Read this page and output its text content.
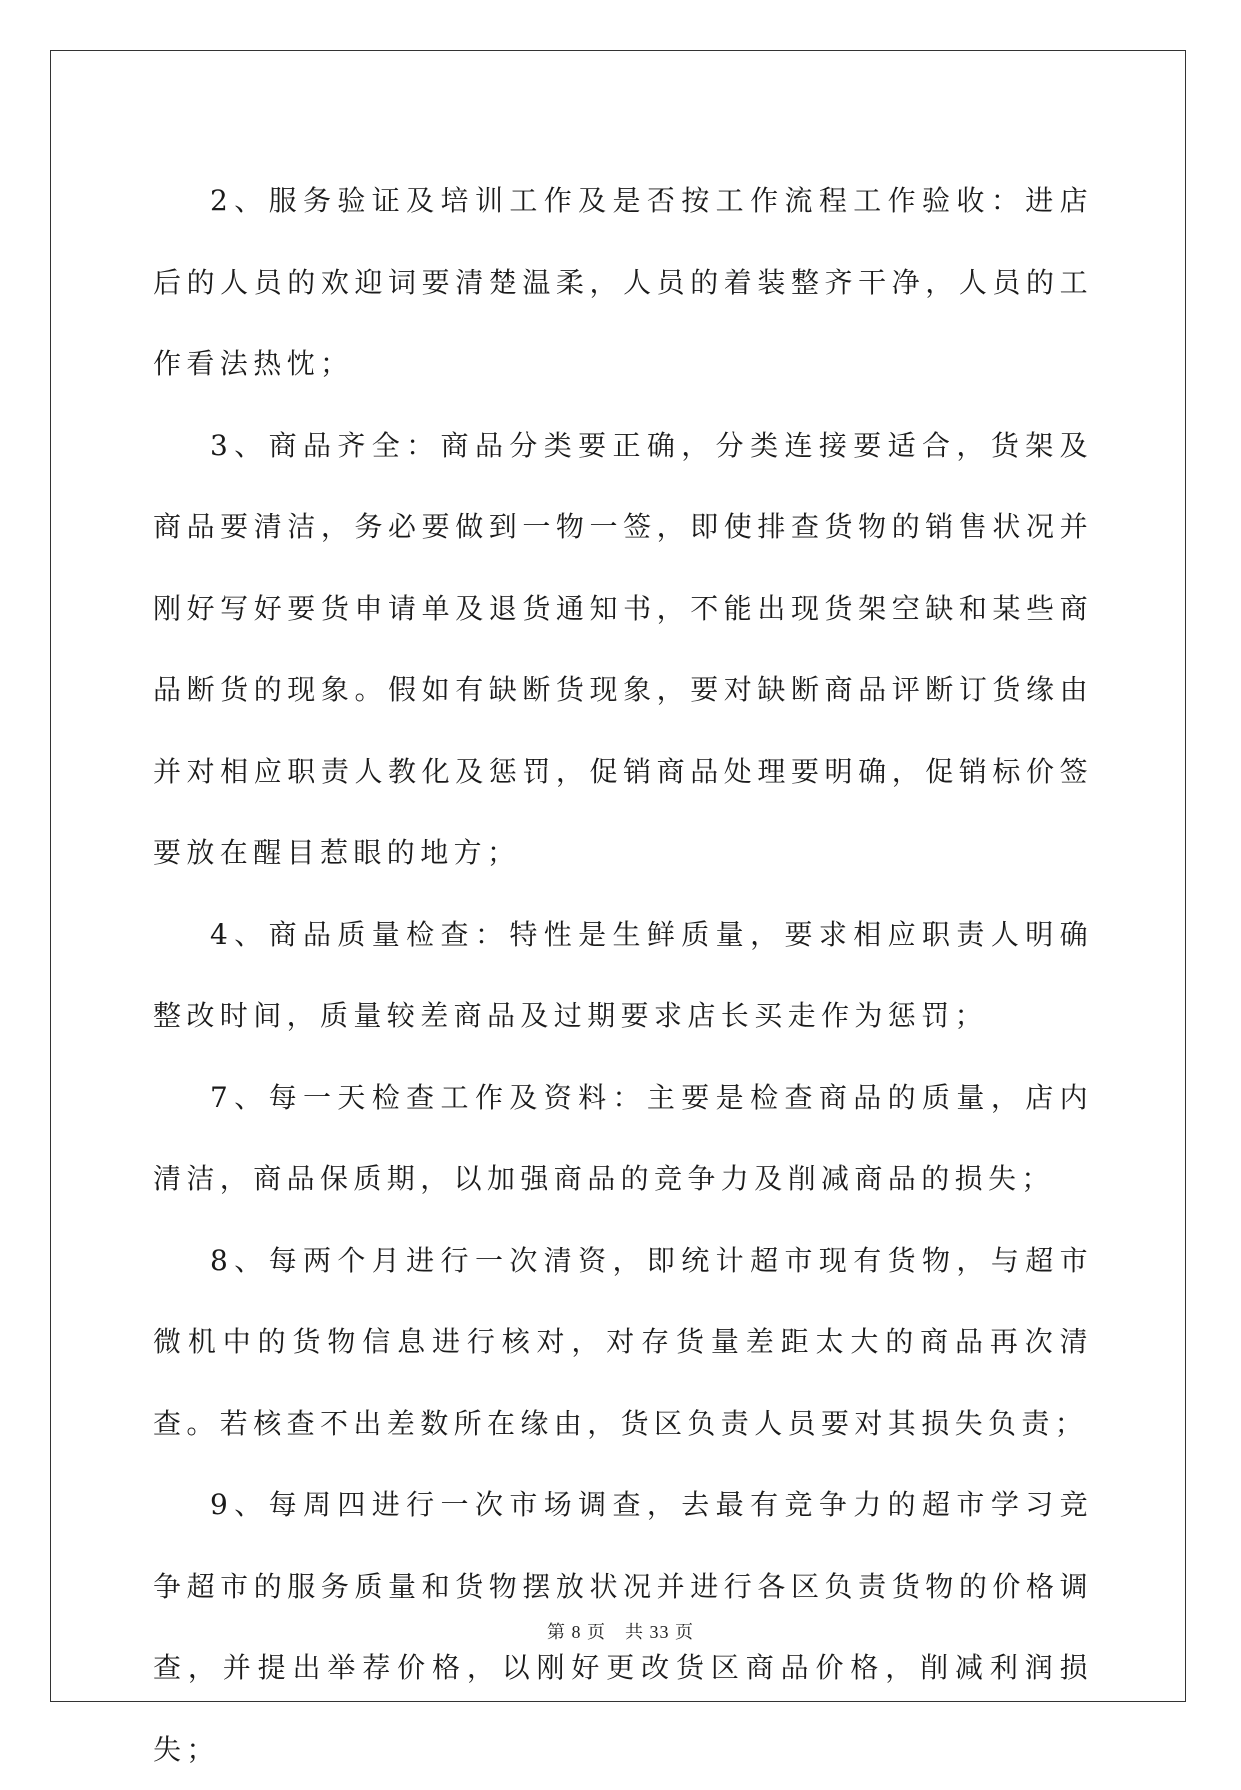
2、服务验证及培训工作及是否按工作流程工作验收：进店后的人员的欢迎词要清楚温柔，人员的着装整齐干净，人员的工作看法热忱；

3、商品齐全：商品分类要正确，分类连接要适合，货架及商品要清洁，务必要做到一物一签，即使排查货物的销售状况并刚好写好要货申请单及退货通知书，不能出现货架空缺和某些商品断货的现象。假如有缺断货现象，要对缺断商品评断订货缘由并对相应职责人教化及惩罚，促销商品处理要明确，促销标价签要放在醒目惹眼的地方；

4、商品质量检查：特性是生鲜质量，要求相应职责人明确整改时间，质量较差商品及过期要求店长买走作为惩罚；

7、每一天检查工作及资料：主要是检查商品的质量，店内清洁，商品保质期，以加强商品的竞争力及削减商品的损失；

8、每两个月进行一次清资，即统计超市现有货物，与超市微机中的货物信息进行核对，对存货量差距太大的商品再次清查。若核查不出差数所在缘由，货区负责人员要对其损失负责；

9、每周四进行一次市场调查，去最有竞争力的超市学习竞争超市的服务质量和货物摆放状况并进行各区负责货物的价格调查，并提出举荐价格，以刚好更改货区商品价格，削减利润损失；

第 8 页　共 33 页
